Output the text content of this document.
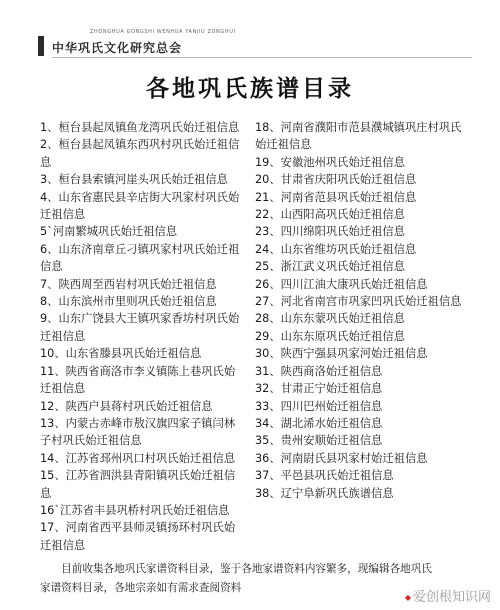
ZHONGHUA GONGSHI WENHUA YANJIU ZONGHUI
中华巩氏文化研究总会
各地巩氏族谱目录
1、桓台县起凤镇鱼龙湾巩氏始迁祖信息
2、桓台县起凤镇东西巩村巩氏始迁祖信息
3、桓台县索镇河崖头巩氏始迁祖信息
4、山东省惠民县辛店街大巩家村巩氏始迁祖信息
5`河南繁城巩氏始迁祖信息
6、山东济南章丘刁镇巩家村巩氏始迁祖信息
7、陕西周至西岩村巩氏始迁祖信息
8、山东滨州市里则巩氏始迁祖信息
9、山东广饶县大王镇巩家香坊村巩氏始迁祖信息
10、山东省滕县巩氏始迁祖信息
11、陕西省商洛市李义镇陈上巷巩氏始迁祖信息
12、陕西户县蒋村巩氏始迁祖信息
13、内蒙古赤峰市敖汉旗四家子镇闫林子村巩氏始迁祖信息
14、江苏省邳州巩口村巩氏始迁祖信息
15、江苏省泗洪县青阳镇巩氏始迁祖信息
16`江苏省丰县巩桥村巩氏始迁祖信息
17、河南省西平县师灵镇扬环村巩氏始迁祖信息
18、河南省濮阳市范县濮城镇巩庄村巩氏始迁祖信息
19、安徽池州巩氏始迁祖信息
20、甘肃省庆阳巩氏始迁祖信息
21、河南省范县巩氏始迁祖信息
22、山西阳高巩氏始迁祖信息
23、四川绵阳巩氏始迁祖信息
24、山东省维坊巩氏始迁祖信息
25、浙江武义巩氏始迁祖信息
26、四川江油大康巩氏始迁祖信息
27、河北省南宫市巩家凹巩氏始迁祖信息
28、山东东蒙巩氏始迁祖信息
29、山东东原巩氏始迁祖信息
30、陕西宁强县巩家河始迁祖信息
31、陕西商洛始迁祖信息
32、甘肃正宁始迁祖信息
33、四川巴州始迁祖信息
34、湖北浠水始迁祖信息
35、贵州安顺始迁祖信息
36、河南尉氏县巩家村始迁祖信息
37、平邑县巩氏始迁祖信息
38、辽宁阜新巩氏族谱信息
目前收集各地巩氏家谱资料目录，鉴于各地家谱资料内容繁多，现编辑各地巩氏
家谱资料目录，各地宗亲如有需求查阅资料
◆ 爱创根知识网
